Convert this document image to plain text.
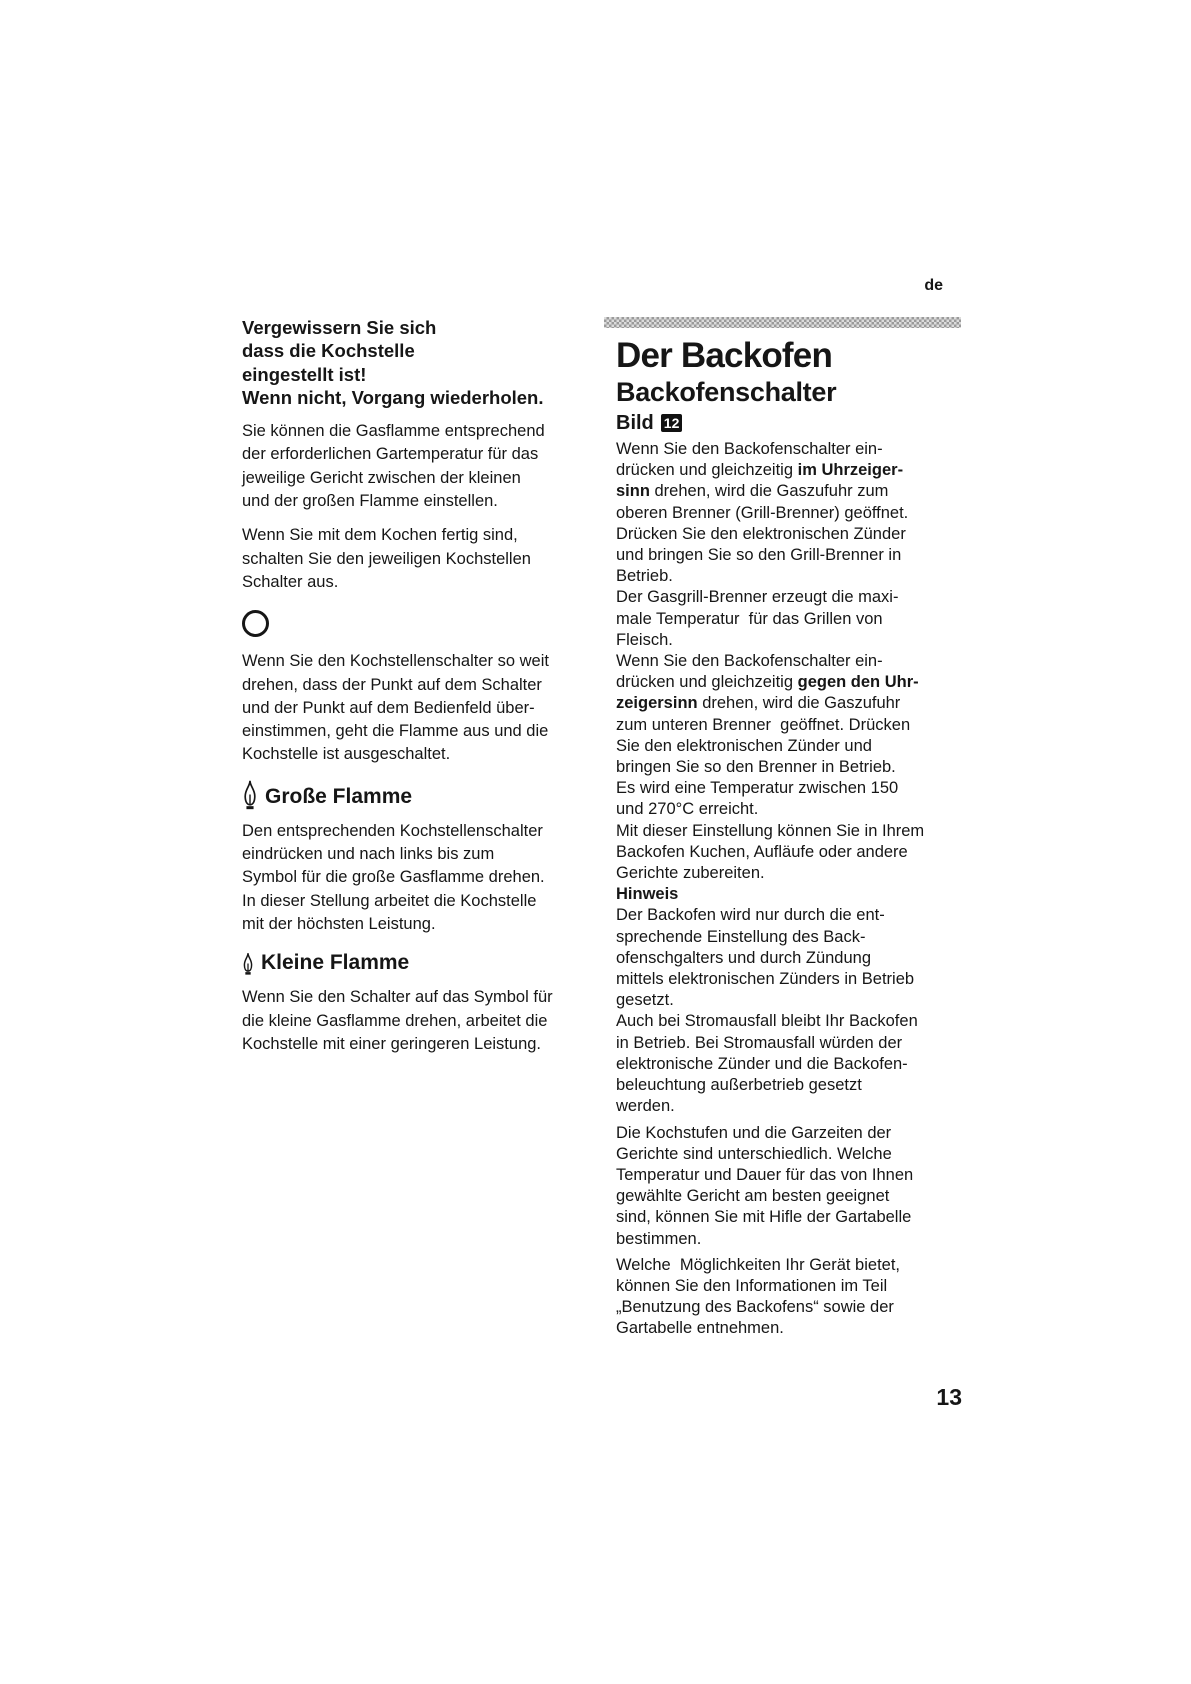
Vergewissern Sie sich
dass die Kochstelle
eingestellt ist!
Wenn nicht, Vorgang wiederholen.
Sie können die Gasflamme entsprechend
der erforderlichen Gartemperatur für das
jeweilige Gericht zwischen der kleinen
und der großen Flamme einstellen.
Wenn Sie mit dem Kochen fertig sind,
schalten Sie den jeweiligen Kochstellen
Schalter aus.
Wenn Sie den Kochstellenschalter so weit
drehen, dass der Punkt auf dem Schalter
und der Punkt auf dem Bedienfeld über-
einstimmen, geht die Flamme aus und die
Kochstelle ist ausgeschaltet.
Große Flamme
Den entsprechenden Kochstellenschalter
eindrücken und nach links bis zum
Symbol für die große Gasflamme drehen.
In dieser Stellung arbeitet die Kochstelle
mit der höchsten Leistung.
Kleine Flamme
Wenn Sie den Schalter auf das Symbol für
die kleine Gasflamme drehen, arbeitet die
Kochstelle mit einer geringeren Leistung.
de
Der Backofen
Backofenschalter
Bild 12
Wenn Sie den Backofenschalter ein-
drücken und gleichzeitig im Uhrzeiger-
sinn drehen, wird die Gaszufuhr zum
oberen Brenner (Grill-Brenner) geöffnet.
Drücken Sie den elektronischen Zünder
und bringen Sie so den Grill-Brenner in
Betrieb.
Der Gasgrill-Brenner erzeugt die maxi-
male Temperatur  für das Grillen von
Fleisch.
Wenn Sie den Backofenschalter ein-
drücken und gleichzeitig gegen den Uhr-
zeigersinn drehen, wird die Gaszufuhr
zum unteren Brenner  geöffnet. Drücken
Sie den elektronischen Zünder und
bringen Sie so den Brenner in Betrieb.
Es wird eine Temperatur zwischen 150
und 270°C erreicht.
Mit dieser Einstellung können Sie in Ihrem
Backofen Kuchen, Aufläufe oder andere
Gerichte zubereiten.
Hinweis
Der Backofen wird nur durch die ent-
sprechende Einstellung des Back-
ofenschgalters und durch Zündung
mittels elektronischen Zünders in Betrieb
gesetzt.
Auch bei Stromausfall bleibt Ihr Backofen
in Betrieb. Bei Stromausfall würden der
elektronische Zünder und die Backofen-
beleuchtung außerbetrieb gesetzt
werden.
Die Kochstufen und die Garzeiten der
Gerichte sind unterschiedlich. Welche
Temperatur und Dauer für das von Ihnen
gewählte Gericht am besten geeignet
sind, können Sie mit Hifle der Gartabelle
bestimmen.
Welche  Möglichkeiten Ihr Gerät bietet,
können Sie den Informationen im Teil
„Benutzung des Backofens“ sowie der
Gartabelle entnehmen.
13
